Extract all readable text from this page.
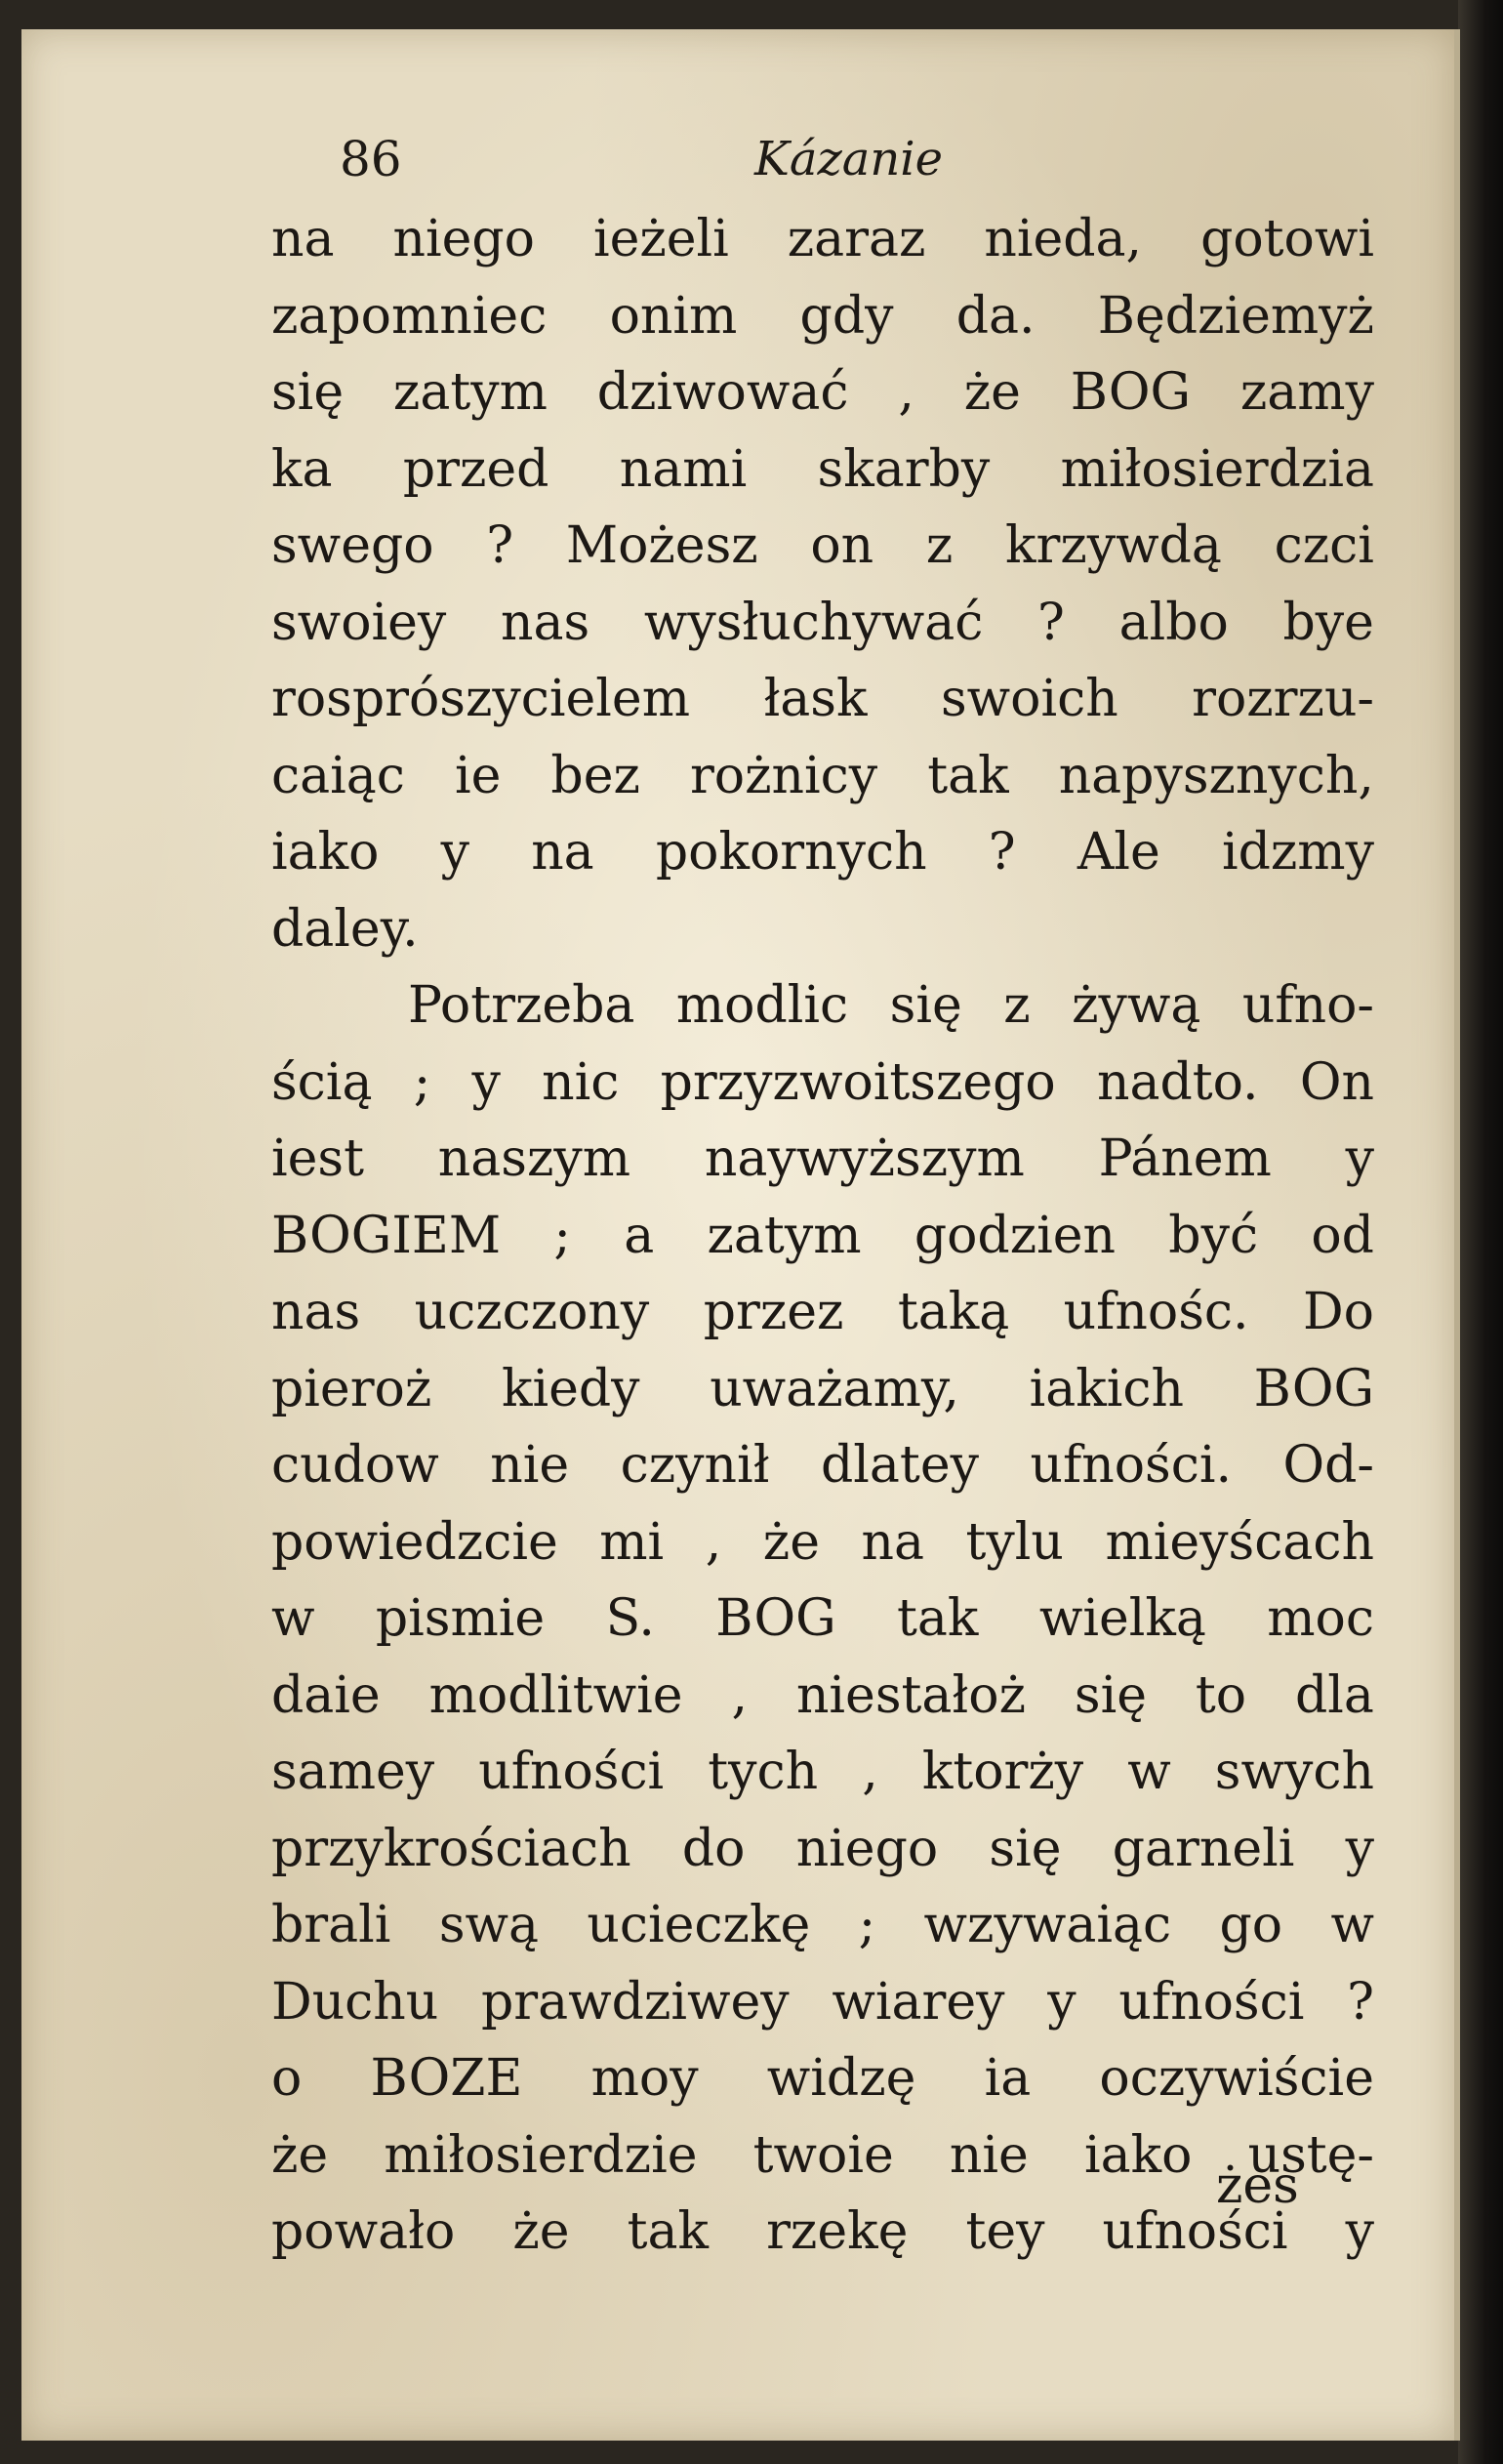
86	Kázanie
na niego ieżeli zaraz nieda, gotowi
zapomniec onim gdy da. Będziemyż
się zatym dziwować , że BOG zamy
ka przed nami skarby miłosierdzia
swego ? Możesz on z krzywdą czci
swoiey nas wysłuchywać ? albo bye
rosprószycielem łask swoich rozrzu-
caiąc ie bez rożnicy tak napysznych,
iako y na pokornych ? Ale idzmy
daley.
Potrzeba modlic się z żywą ufno-
ścią ; y nic przyzwoitszego nadto. On
iest naszym naywyższym Pánem y
BOGIEM ; a zatym godzien być od
nas uczczony przez taką ufnośc. Do
pieroż kiedy uważamy, iakich BOG
cudow nie czynił dlatey ufności. Od-
powiedzcie mi , że na tylu mieyścach
w pismie S. BOG tak wielką moc
daie modlitwie , niestałoż się to dla
samey ufności tych , ktorży w swych
przykrościach do niego się garneli y
brali swą ucieczkę ; wzywaiąc go w
Duchu prawdziwey wiarey y ufności ?
o BOZE moy widzę ia oczywiście
że miłosierdzie twoie nie iako ustę-
powało że tak rzekę tey ufności y
żes
